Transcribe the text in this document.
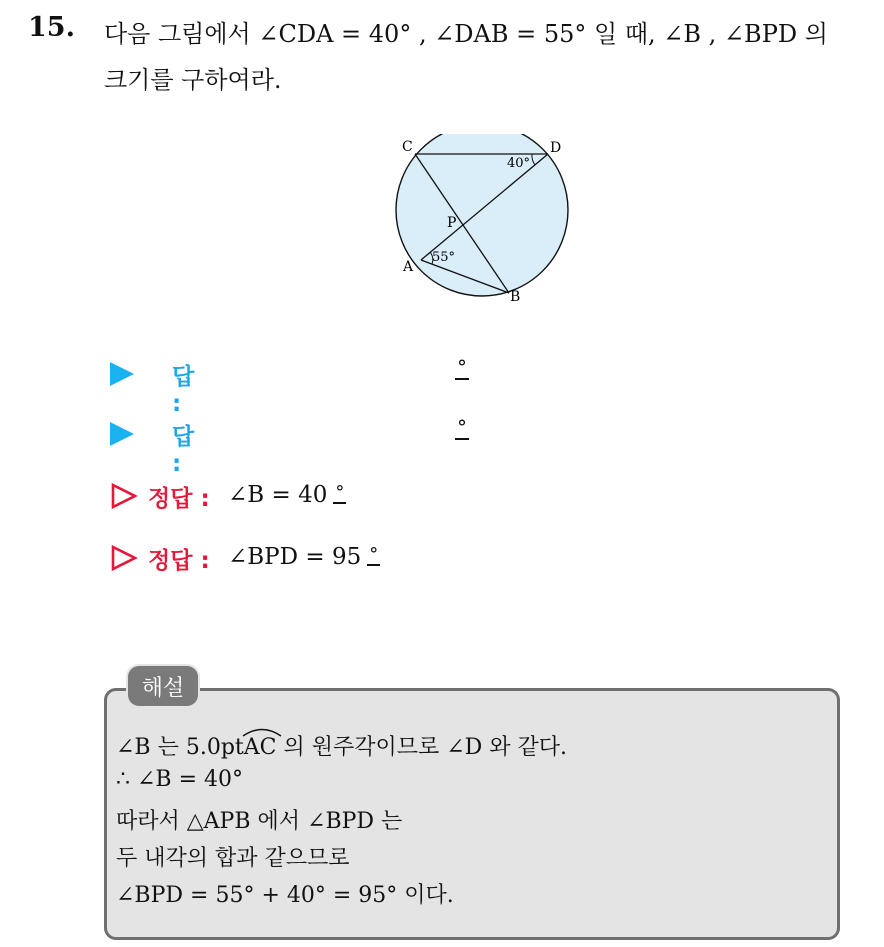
15. 다음 그림에서 ∠CDA = 40° , ∠DAB = 55° 일 때, ∠B , ∠BPD 의
크기를 구하여라.
C	D
P
A
B
40°
55°
답 :
°
답 :
°
정답 : ∠B = 40 °
정답 : ∠BPD = 95 °
해설
∠B 는 5.0pt
AC 의 원주각이므로 ∠D 와 같다.
∴ ∠B = 40°
따라서 △APB 에서 ∠BPD 는
두 내각의 합과 같으므로
∠BPD = 55° + 40° = 95° 이다.
